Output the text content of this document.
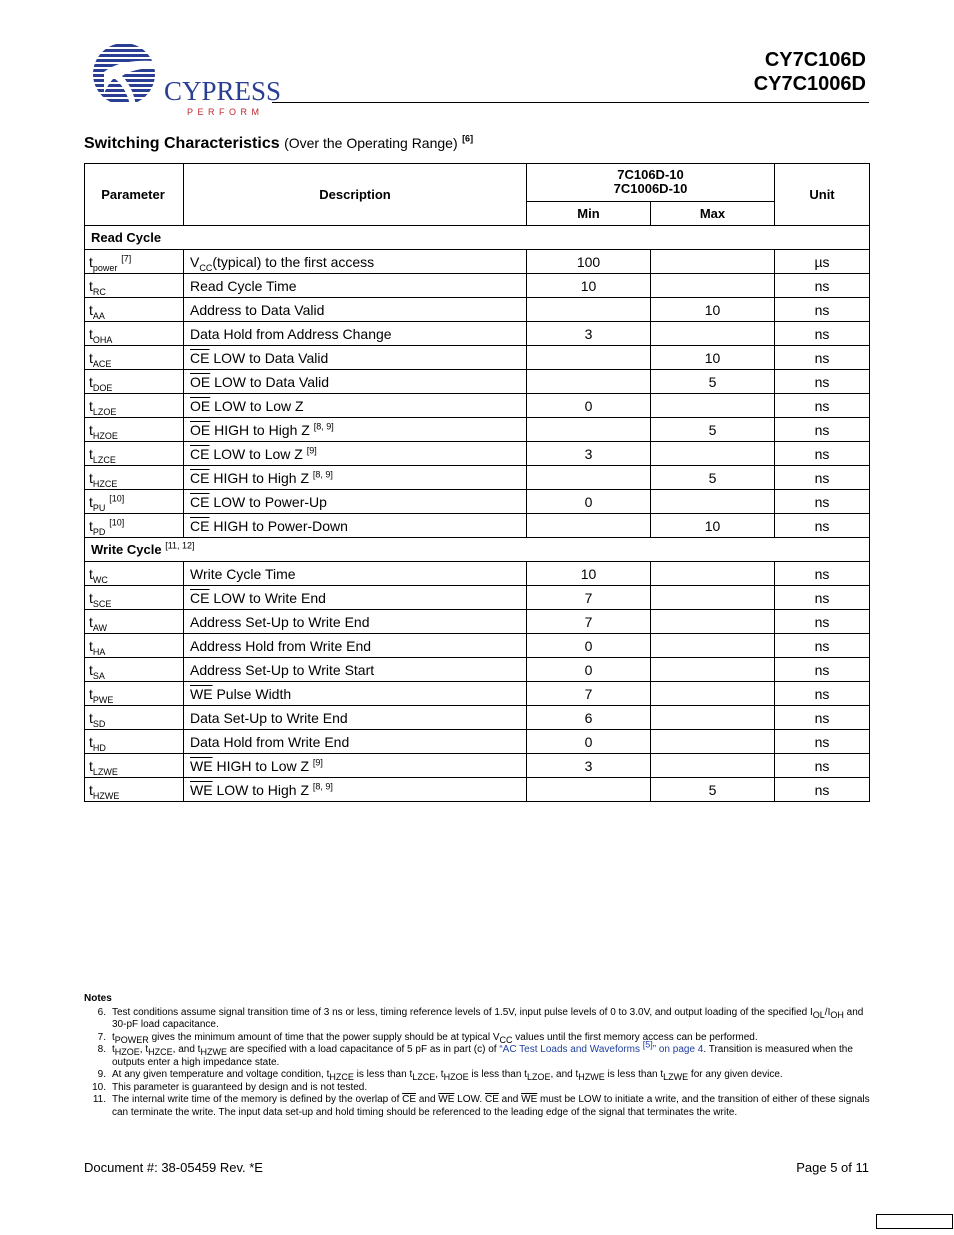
CYPRESS
PERFORM
CY7C106D
CY7C1006D
Switching Characteristics (Over the Operating Range) [6]
Parameter	Description	7C106D-10
7C1006D-10		Unit
		Min	Max	
Read Cycle				
$t_{power}$ [7]	$V_{CC}(typical)$ to the first access	100		µs
$t_{RC}$	Read Cycle Time	10		ns
$t_{AA}$	Address to Data Valid		10	ns
$t_{OHA}$	Data Hold from Address Change	3		ns
$t_{ACE}$	$\overline{CE}$ LOW to Data Valid		10	ns
$t_{DOE}$	$\overline{OE}$ LOW to Data Valid		5	ns
$t_{LZOE}$	$\overline{OE}$ LOW to Low Z	0		ns
$t_{HZOE}$	$\overline{OE}$ HIGH to High Z [8, 9]		5	ns
$t_{LZCE}$	$\overline{CE}$ LOW to Low Z [9]	3		ns
$t_{HZCE}$	$\overline{CE}$ HIGH to High Z [8, 9]		5	ns
$t_{PU}$ [10]	$\overline{CE}$ LOW to Power-Up	0		ns
$t_{PD}$ [10]	$\overline{CE}$ HIGH to Power-Down		10	ns
Write Cycle [11, 12]
$t_{WC}$	Write Cycle Time	10		ns
$t_{SCE}$	$\overline{CE}$ LOW to Write End	7		ns
$t_{AW}$	Address Set-Up to Write End	7		ns
$t_{HA}$	Address Hold from Write End	0		ns
$t_{SA}$	Address Set-Up to Write Start	0		ns
$t_{PWE}$	$\overline{WE}$ Pulse Width	7		ns
$t_{SD}$	Data Set-Up to Write End	6		ns
$t_{HD}$	Data Hold from Write End	0		ns
$t_{LZWE}$	$\overline{WE}$ HIGH to Low Z [9]	3		ns
$t_{HZWE}$	$\overline{WE}$ LOW to High Z [8, 9]		5	ns
Notes
6. Test conditions assume signal transition time of 3 ns or less, timing reference levels of 1.5V, input pulse levels of 0 to 3.0V, and output loading of the specified $I_{OL}/I_{OH}$ and 30-pF load capacitance.
7. $t_{POWER}$ gives the minimum amount of time that the power supply should be at typical $V_{CC}$ values until the first memory access can be performed.
8. $t_{HZOE}$, $t_{HZCE}$, and $t_{HZWE}$ are specified with a load capacitance of 5 pF as in part (c) of “AC Test Loads and Waveforms [5]” on page 4. Transition is measured when the outputs enter a high impedance state.
9. At any given temperature and voltage condition, $t_{HZCE}$ is less than $t_{LZCE}$, $t_{HZOE}$ is less than $t_{LZOE}$, and $t_{HZWE}$ is less than $t_{LZWE}$ for any given device.
10. This parameter is guaranteed by design and is not tested.
11. The internal write time of the memory is defined by the overlap of $\overline{CE}$ and $\overline{WE}$ LOW. $\overline{CE}$ and $\overline{WE}$ must be LOW to initiate a write, and the transition of either of these signals can terminate the write. The input data set-up and hold timing should be referenced to the leading edge of the signal that terminates the write.
Document #: 38-05459 Rev. *E	Page 5 of 11
